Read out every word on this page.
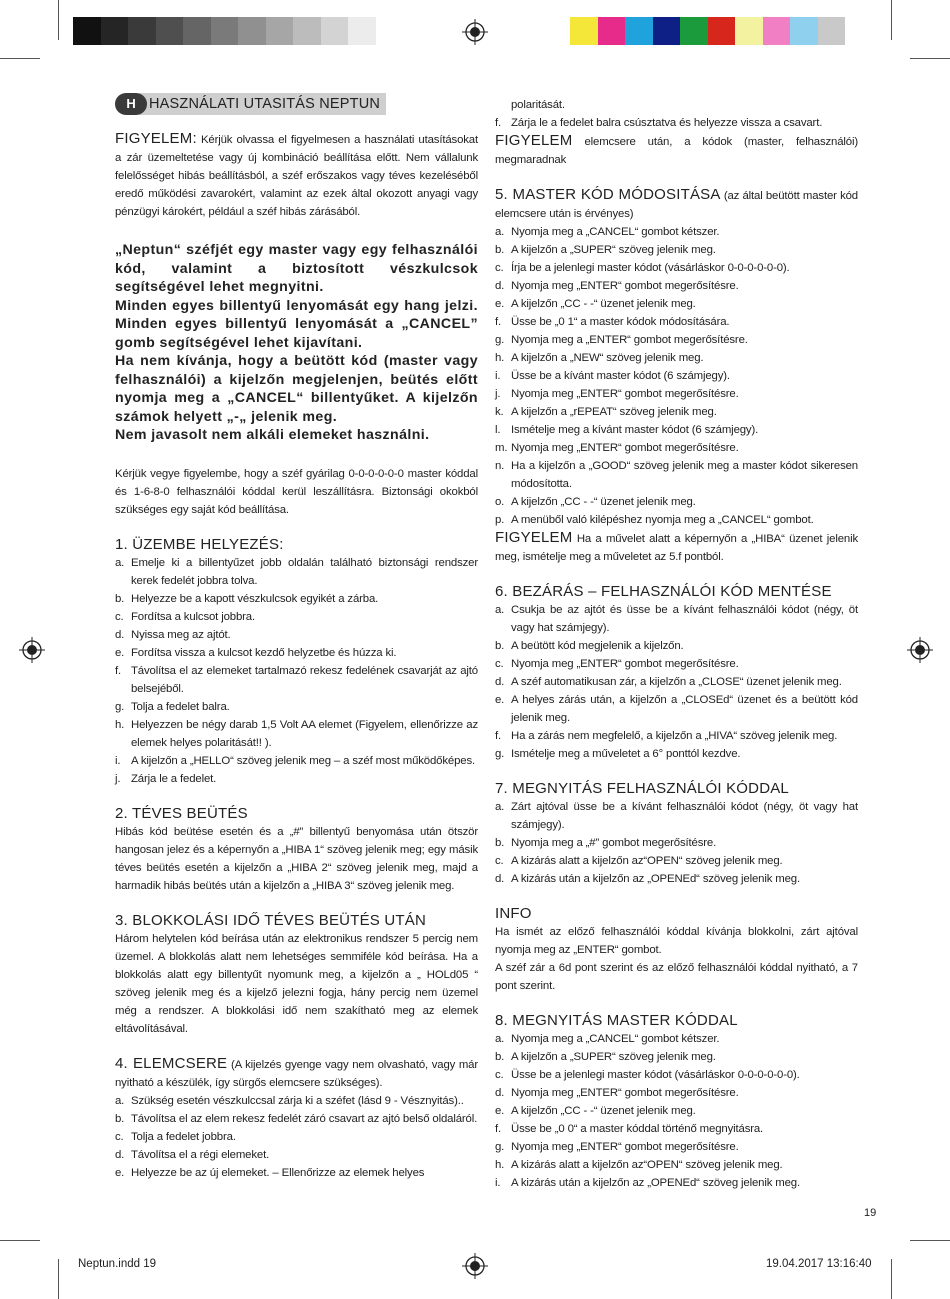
H HASZNÁLATI UTASITÁS NEPTUN

FIGYELEM: Kérjük olvassa el figyelmesen a használati utasításokat a zár üzemeltetése vagy új kombináció beállítása előtt. Nem vállalunk felelősséget hibás beállításból, a széf erőszakos vagy téves kezeléséből eredő működési zavarokért, valamint az ezek által okozott anyagi vagy pénzügyi károkért, például a széf hibás zárásából.

„Neptun“ széfjét egy master vagy egy felhasználói kód, valamint a biztosított vészkulcsok segítségével lehet megnyitni.

Minden egyes billentyű lenyomását egy hang jelzi. Minden egyes billentyű lenyomását a „CANCEL” gomb segítségével lehet kijavítani.

Ha nem kívánja, hogy a beütött kód (master vagy felhasználói) a kijelzőn megjelenjen, beütés előtt nyomja meg a „CANCEL“ billentyűket. A kijelzőn számok helyett „-„ jelenik meg.

Nem javasolt nem alkáli elemeket használni.

Kérjük vegye figyelembe, hogy a széf gyárilag 0-0-0-0-0-0 master kóddal és 1-6-8-0 felhasználói kóddal kerül leszállításra. Biztonsági okokból szükséges egy saját kód beállítása.

1. ÜZEMBE HELYEZÉS:
a. Emelje ki a billentyűzet jobb oldalán található biztonsági rendszer kerek fedelét jobbra tolva.
b. Helyezze be a kapott vészkulcsok egyikét a zárba.
c. Fordítsa a kulcsot jobbra.
d. Nyissa meg az ajtót.
e. Fordítsa vissza a kulcsot kezdő helyzetbe és húzza ki.
f. Távolítsa el az elemeket tartalmazó rekesz fedelének csavarját az ajtó belsejéből.
g. Tolja a fedelet balra.
h. Helyezzen be négy darab 1,5 Volt AA elemet (Figyelem, ellenőrizze az elemek helyes polaritását!! ).
i. A kijelzőn a „HELLO“ szöveg jelenik meg – a széf most működőképes.
j. Zárja le a fedelet.
2. TÉVES BEÜTÉS

Hibás kód beütése esetén és a „#” billentyű benyomása után ötször hangosan jelez és a képernyőn a „HIBA 1“ szöveg jelenik meg; egy másik téves beütés esetén a kijelzőn a „HIBA 2“ szöveg jelenik meg, majd a harmadik hibás beütés után a kijelzőn a „HIBA 3“ szöveg jelenik meg.

3. BLOKKOLÁSI IDŐ TÉVES BEÜTÉS UTÁN

Három helytelen kód beírása után az elektronikus rendszer 5 percig nem üzemel. A blokkolás alatt nem lehetséges semmiféle kód beírása. Ha a blokkolás alatt egy billentyűt nyomunk meg, a kijelzőn a „ HOLd05 “ szöveg jelenik meg és a kijelző jelezni fogja, hány percig nem üzemel még a rendszer. A blokkolási idő nem szakítható meg az elemek eltávolításával.

4. ELEMCSERE (A kijelzés gyenge vagy nem olvasható, vagy már nyitható a készülék, így sürgős elemcsere szükséges).

a. Szükség esetén vészkulccsal zárja ki a széfet (lásd 9 - Vésznyitás)..
b. Távolítsa el az elem rekesz fedelét záró csavart az ajtó belső oldaláról.
c. Tolja a fedelet jobbra.
d. Távolítsa el a régi elemeket.
e. Helyezze be az új elemeket. – Ellenőrizze az elemek helyes
polaritását.
f. Zárja le a fedelet balra csúsztatva és helyezze vissza a csavart.

FIGYELEM elemcsere után, a kódok (master, felhasználói) megmaradnak

5. MASTER KÓD MÓDOSITÁSA (az által beütött master kód elemcsere után is érvényes)

a. Nyomja meg a „CANCEL“ gombot kétszer.
b. A kijelzőn a „SUPER“ szöveg jelenik meg.
c. Írja be a jelenlegi master kódot (vásárláskor 0-0-0-0-0-0).
d. Nyomja meg „ENTER“ gombot megerősítésre.
e. A kijelzőn „CC - -“ üzenet jelenik meg.
f. Üsse be „0 1“ a master kódok módosítására.
g. Nyomja meg a „ENTER“ gombot megerősítésre.
h. A kijelzőn a „NEW“ szöveg jelenik meg.
i. Üsse be a kívánt master kódot (6 számjegy).
j. Nyomja meg „ENTER“ gombot megerősítésre.
k. A kijelzőn a „rEPEAT“ szöveg jelenik meg.
l. Ismételje meg a kívánt master kódot (6 számjegy).
m. Nyomja meg „ENTER“ gombot megerősítésre.
n. Ha a kijelzőn a „GOOD“ szöveg jelenik meg a master kódot sikeresen módosította.
o. A kijelzőn „CC - -“ üzenet jelenik meg.
p. A menüből való kilépéshez nyomja meg a „CANCEL“ gombot.

FIGYELEM Ha a művelet alatt a képernyőn a „HIBA“ üzenet jelenik meg, ismételje meg a műveletet az 5.f pontból.

6. BEZÁRÁS – FELHASZNÁLÓI KÓD MENTÉSE
a. Csukja be az ajtót és üsse be a kívánt felhasználói kódot (négy, öt vagy hat számjegy).
b. A beütött kód megjelenik a kijelzőn.
c. Nyomja meg „ENTER“ gombot megerősítésre.
d. A széf automatikusan zár, a kijelzőn a „CLOSE“ üzenet jelenik meg.
e. A helyes zárás után, a kijelzőn a „CLOSEd“ üzenet és a beütött kód jelenik meg.
f. Ha a zárás nem megfelelő, a kijelzőn a „HIVA“ szöveg jelenik meg.
g. Ismételje meg a műveletet a 6° ponttól kezdve.
7. MEGNYITÁS FELHASZNÁLÓI KÓDDAL
a. Zárt ajtóval üsse be a kívánt felhasználói kódot (négy, öt vagy hat számjegy).
b. Nyomja meg a „#” gombot megerősítésre.
c. A kizárás alatt a kijelzőn az“OPEN“ szöveg jelenik meg.
d. A kizárás után a kijelzőn az „OPENEd“ szöveg jelenik meg.
INFO

Ha ismét az előző felhasználói kóddal kívánja blokkolni, zárt ajtóval nyomja meg az „ENTER“ gombot.

A széf zár a 6d pont szerint és az előző felhasználói kóddal nyitható, a 7 pont szerint.

8. MEGNYITÁS MASTER KÓDDAL
a. Nyomja meg a „CANCEL“ gombot kétszer.
b. A kijelzőn a „SUPER“ szöveg jelenik meg.
c. Üsse be a jelenlegi master kódot (vásárláskor 0-0-0-0-0-0).
d. Nyomja meg „ENTER“ gombot megerősítésre.
e. A kijelzőn „CC - -“ üzenet jelenik meg.
f. Üsse be „0 0“ a master kóddal történő megnyitásra.
g. Nyomja meg „ENTER“ gombot megerősítésre.
h. A kizárás alatt a kijelzőn az“OPEN“ szöveg jelenik meg.
i. A kizárás után a kijelzőn az „OPENEd“ szöveg jelenik meg.
19
Neptun.indd 19	19.04.2017 13:16:40
